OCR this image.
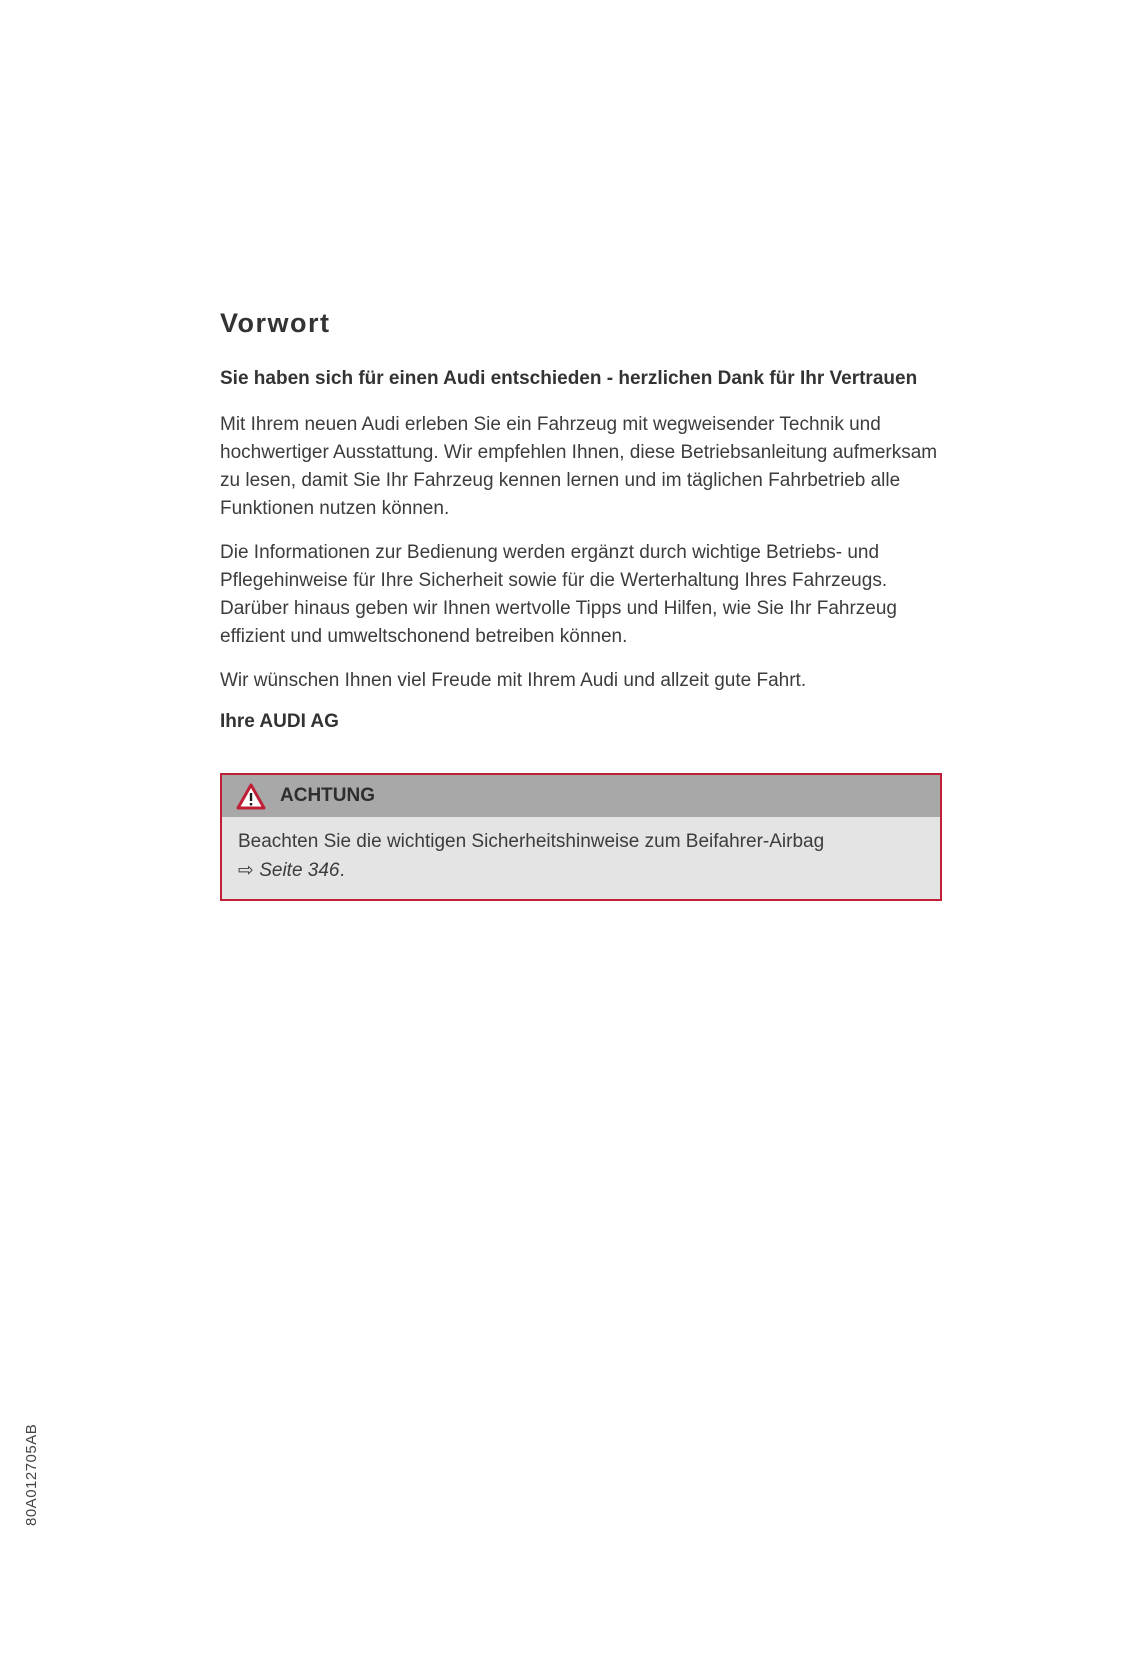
Vorwort
Sie haben sich für einen Audi entschieden - herzlichen Dank für Ihr Vertrauen

Mit Ihrem neuen Audi erleben Sie ein Fahrzeug mit wegweisender Technik und hochwertiger Ausstattung. Wir empfehlen Ihnen, diese Betriebsanleitung aufmerksam zu lesen, damit Sie Ihr Fahrzeug kennen lernen und im täglichen Fahrbetrieb alle Funktionen nutzen können.

Die Informationen zur Bedienung werden ergänzt durch wichtige Betriebs- und Pflegehinweise für Ihre Sicherheit sowie für die Werterhaltung Ihres Fahrzeugs. Darüber hinaus geben wir Ihnen wertvolle Tipps und Hilfen, wie Sie Ihr Fahrzeug effizient und umweltschonend betreiben können.

Wir wünschen Ihnen viel Freude mit Ihrem Audi und allzeit gute Fahrt.

Ihre AUDI AG

ACHTUNG
Beachten Sie die wichtigen Sicherheitshinweise zum Beifahrer-Airbag
⇨ Seite 346.
80A012705AB
